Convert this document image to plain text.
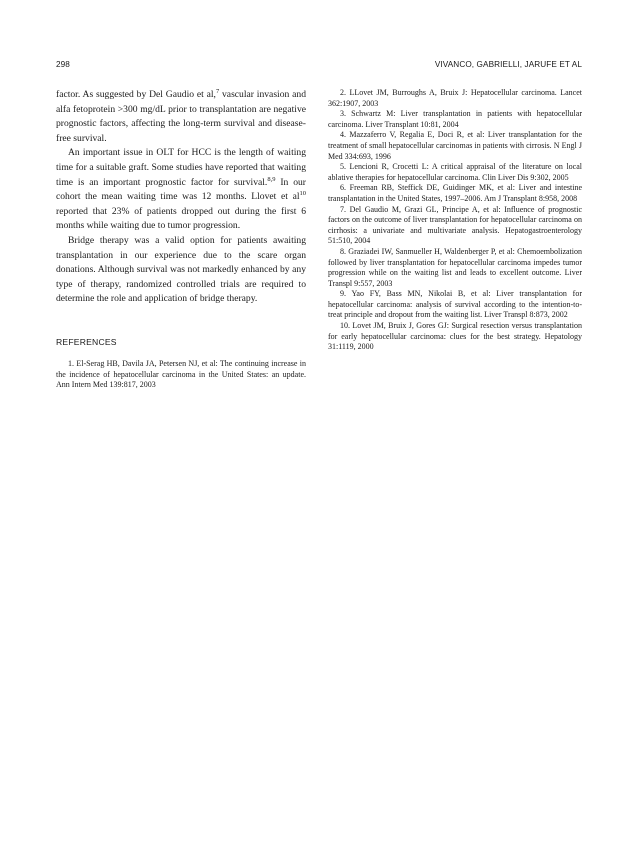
298	VIVANCO, GABRIELLI, JARUFE ET AL

factor. As suggested by Del Gaudio et al,$^7$ vascular invasion and alfa fetoprotein >300 mg/dL prior to transplantation are negative prognostic factors, affecting the long-term survival and disease-free survival.

An important issue in OLT for HCC is the length of waiting time for a suitable graft. Some studies have reported that waiting time is an important prognostic factor for survival.$^{8,9}$ In our cohort the mean waiting time was 12 months. Llovet et $al^{10}$ reported that 23% of patients dropped out during the first 6 months while waiting due to tumor progression.

Bridge therapy was a valid option for patients awaiting transplantation in our experience due to the scare organ donations. Although survival was not markedly enhanced by any type of therapy, randomized controlled trials are required to determine the role and application of bridge therapy.

REFERENCES

1. El-Serag HB, Davila JA, Petersen NJ, et al: The continuing increase in the incidence of hepatocellular carcinoma in the United States: an update. Ann Intern Med 139:817, 2003

2. LLovet JM, Burroughs A, Bruix J: Hepatocellular carcinoma. Lancet 362:1907, 2003

3. Schwartz M: Liver transplantation in patients with hepatocellular carcinoma. Liver Transplant 10:81, 2004

4. Mazzaferro V, Regalia E, Doci R, et al: Liver transplantation for the treatment of small hepatocellular carcinomas in patients with cirrosis. N Engl J Med 334:693, 1996

5. Lencioni R, Crocetti L: A critical appraisal of the literature on local ablative therapies for hepatocellular carcinoma. Clin Liver Dis 9:302, 2005

6. Freeman RB, Steffick DE, Guidinger MK, et al: Liver and intestine transplantation in the United States, 1997–2006. Am J Transplant 8:958, 2008

7. Del Gaudio M, Grazi GL, Principe A, et al: Influence of prognostic factors on the outcome of liver transplantation for hepatocellular carcinoma on cirrhosis: a univariate and multivariate analysis. Hepatogastroenterology 51:510, 2004

8. Graziadei IW, Sanmueller H, Waldenberger P, et al: Chemoembolization followed by liver transplantation for hepatocellular carcinoma impedes tumor progression while on the waiting list and leads to excellent outcome. Liver Transpl 9:557, 2003

9. Yao FY, Bass MN, Nikolai B, et al: Liver transplantation for hepatocellular carcinoma: analysis of survival according to the intention-to-treat principle and dropout from the waiting list. Liver Transpl 8:873, 2002

10. Lovet JM, Bruix J, Gores GJ: Surgical resection versus transplantation for early hepatocellular carcinoma: clues for the best strategy. Hepatology 31:1119, 2000
